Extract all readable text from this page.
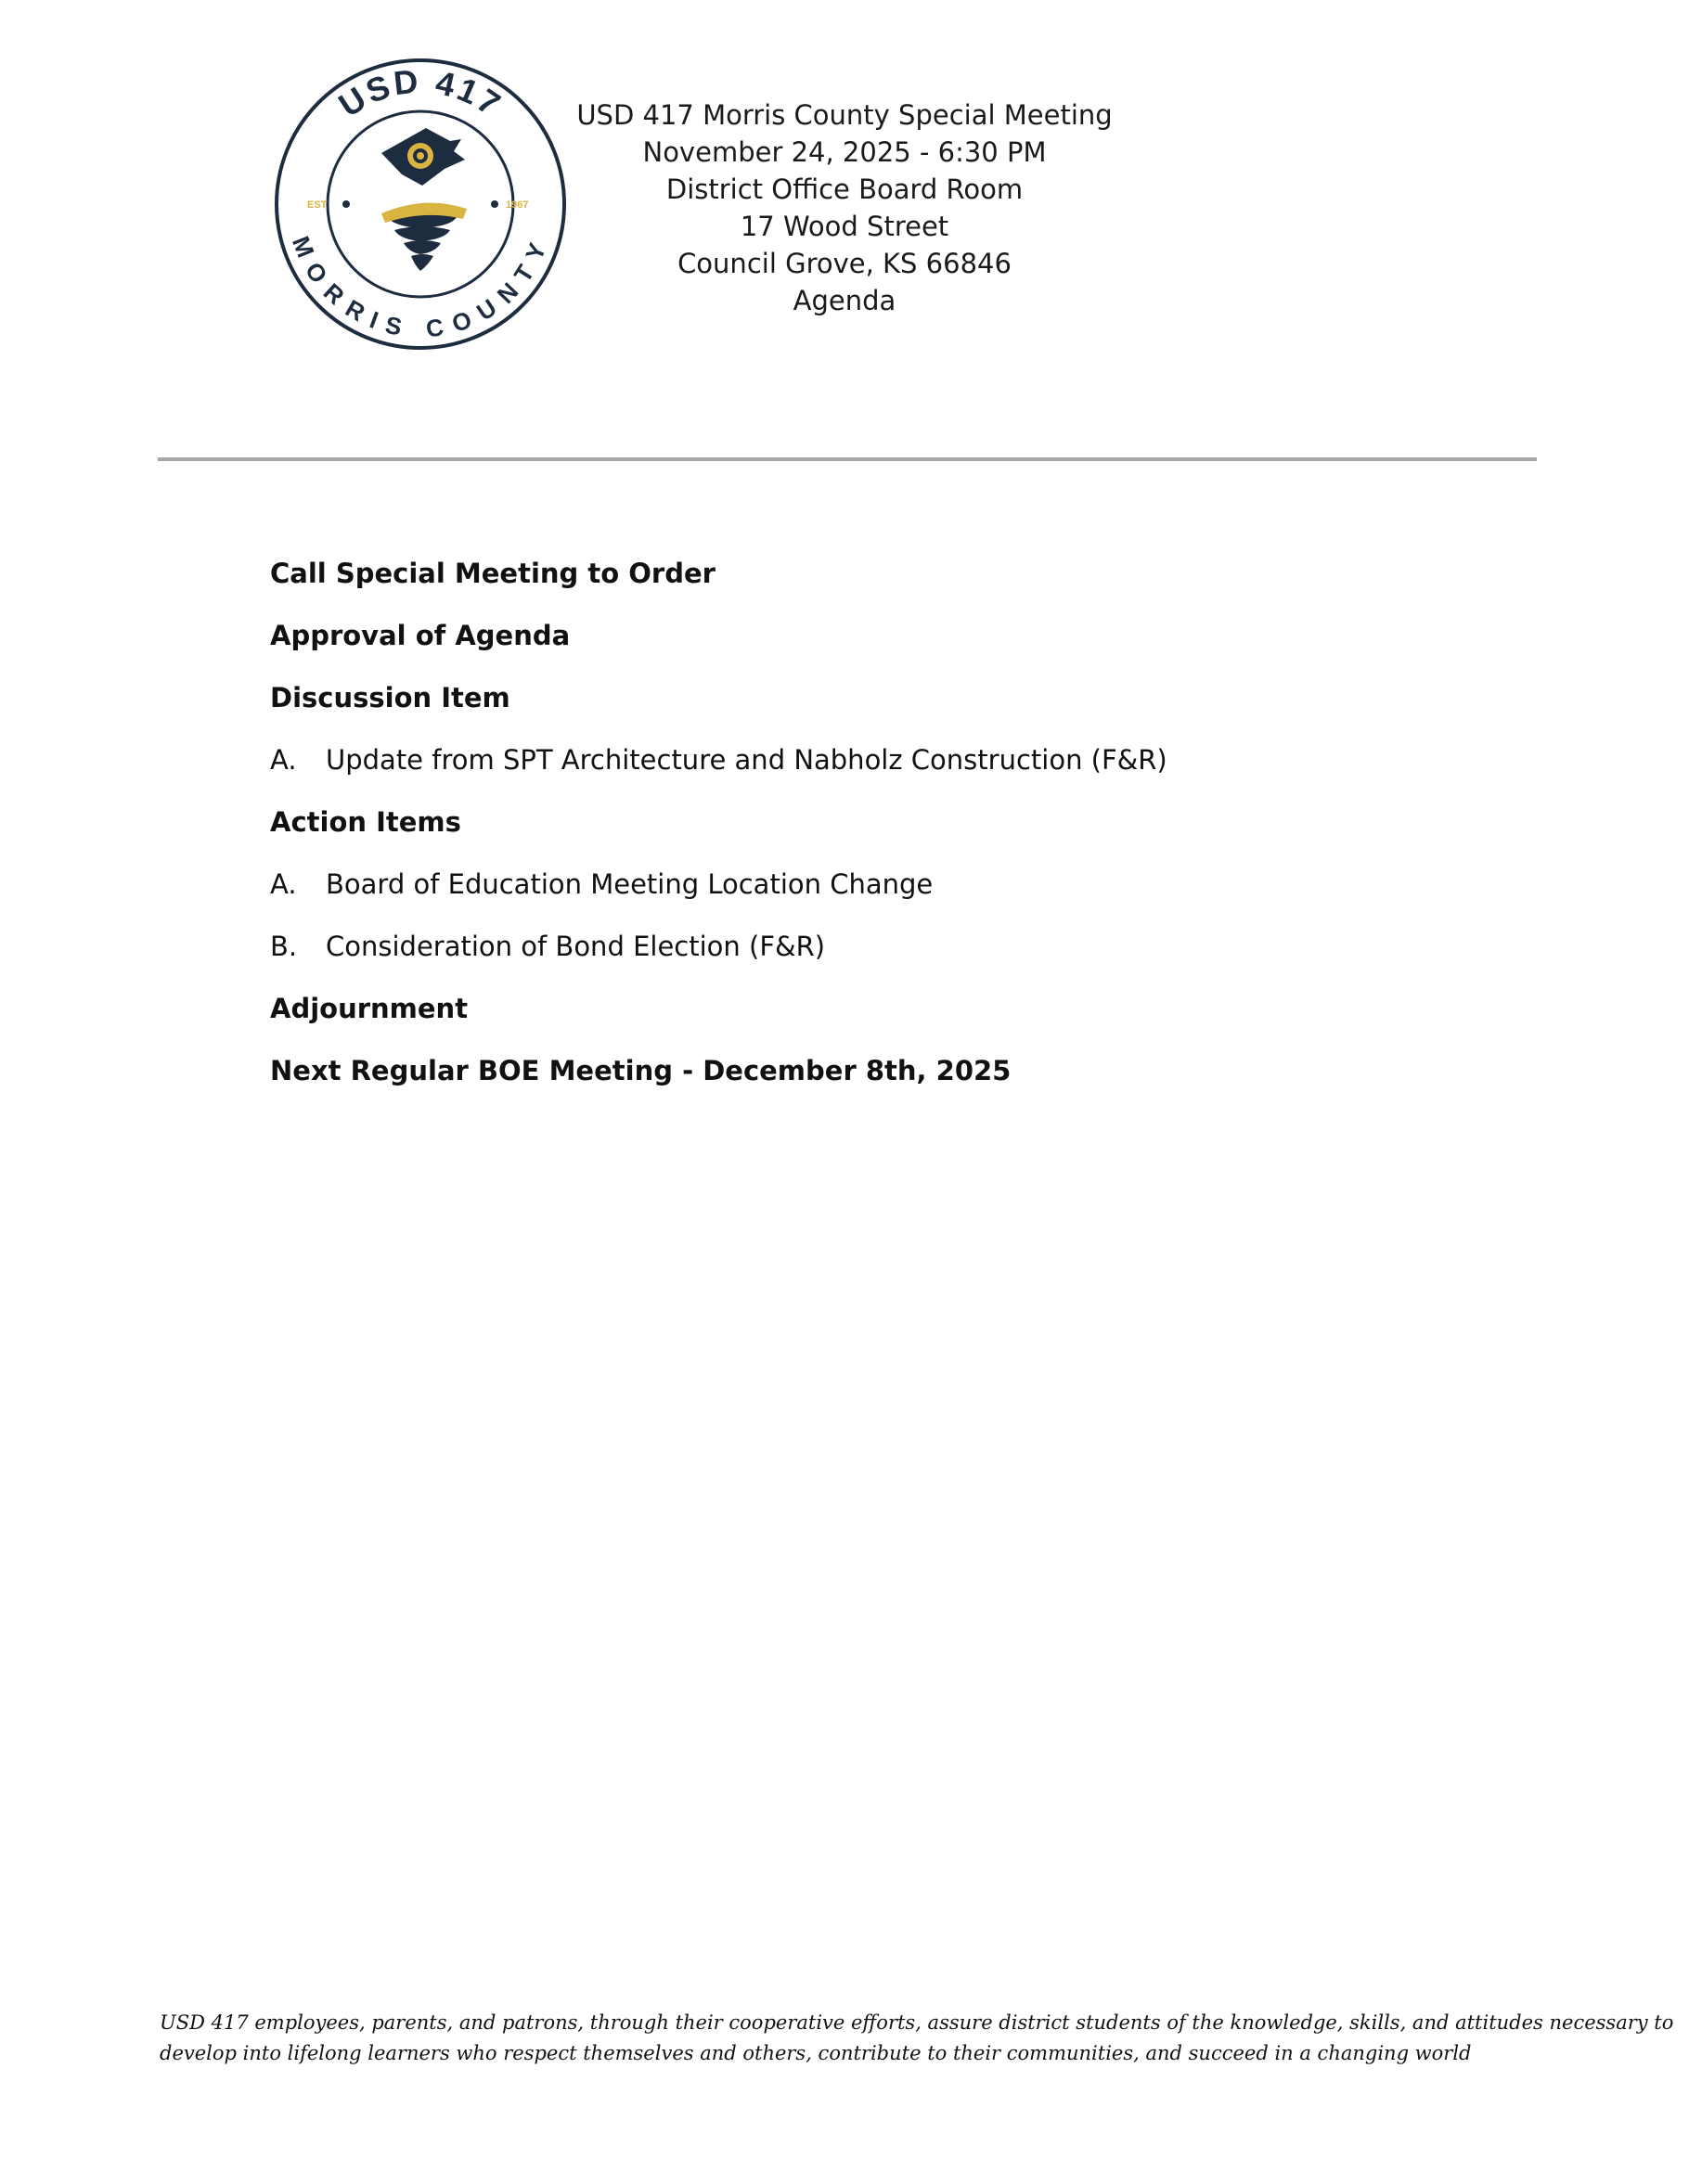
EST	1967
USD 417
MORRIS COUNTY
USD 417 Morris County Special Meeting
November 24, 2025 - 6:30 PM
District Office Board Room
17 Wood Street
Council Grove, KS 66846
Agenda
Call Special Meeting to Order
Approval of Agenda
Discussion Item
A.	Update from SPT Architecture and Nabholz Construction (F&R)
Action Items
A.	Board of Education Meeting Location Change
B.	Consideration of Bond Election (F&R)
Adjournment
Next Regular BOE Meeting - December 8th, 2025
USD 417 employees, parents, and patrons, through their cooperative efforts, assure district students of the knowledge, skills, and attitudes necessary to
develop into lifelong learners who respect themselves and others, contribute to their communities, and succeed in a changing world
